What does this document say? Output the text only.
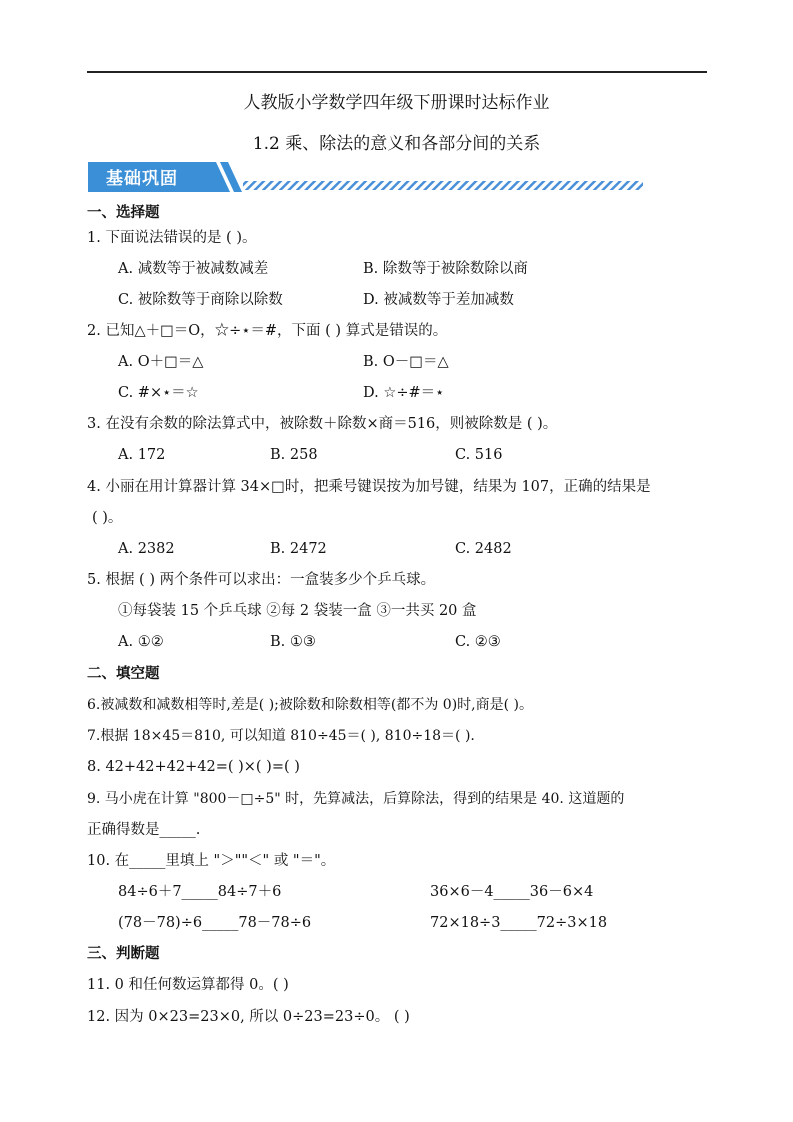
人教版小学数学四年级下册课时达标作业
1.2 乘、除法的意义和各部分间的关系
基础巩固
一、选择题
1. 下面说法错误的是 ( )。
A. 减数等于被减数减差	B. 除数等于被除数除以商
C. 被除数等于商除以除数	D. 被减数等于差加减数
2. 已知△＋□＝O，☆÷⋆＝#，下面 ( ) 算式是错误的。
A. O＋□＝△	B. O－□＝△
C. #×⋆＝☆	D. ☆÷#＝⋆
3. 在没有余数的除法算式中，被除数＋除数×商＝516，则被除数是 ( )。
A. 172	B. 258	C. 516
4. 小丽在用计算器计算 34×□时，把乘号键误按为加号键，结果为 107，正确的结果是
( )。
A. 2382	B. 2472	C. 2482
5. 根据 ( ) 两个条件可以求出：一盒装多少个乒乓球。
①每袋装 15 个乒乓球 ②每 2 袋装一盒 ③一共买 20 盒
A. ①②	B. ①③	C. ②③
二、填空题
6.被减数和减数相等时,差是( );被除数和除数相等(都不为 0)时,商是( )。
7.根据 18×45＝810, 可以知道 810÷45＝( ), 810÷18＝( ).
8. 42+42+42+42=( )×( )=( )
9. 马小虎在计算 "800－□÷5" 时，先算减法，后算除法，得到的结果是 40. 这道题的
正确得数是_____.
10. 在_____里填上 "＞""＜" 或 "＝"。
84÷6＋7_____84÷7＋6	36×6－4_____36－6×4
(78－78)÷6_____78－78÷6	72×18÷3_____72÷3×18
三、判断题
11. 0 和任何数运算都得 0。( )
12. 因为 0×23=23×0, 所以 0÷23=23÷0。 ( )
